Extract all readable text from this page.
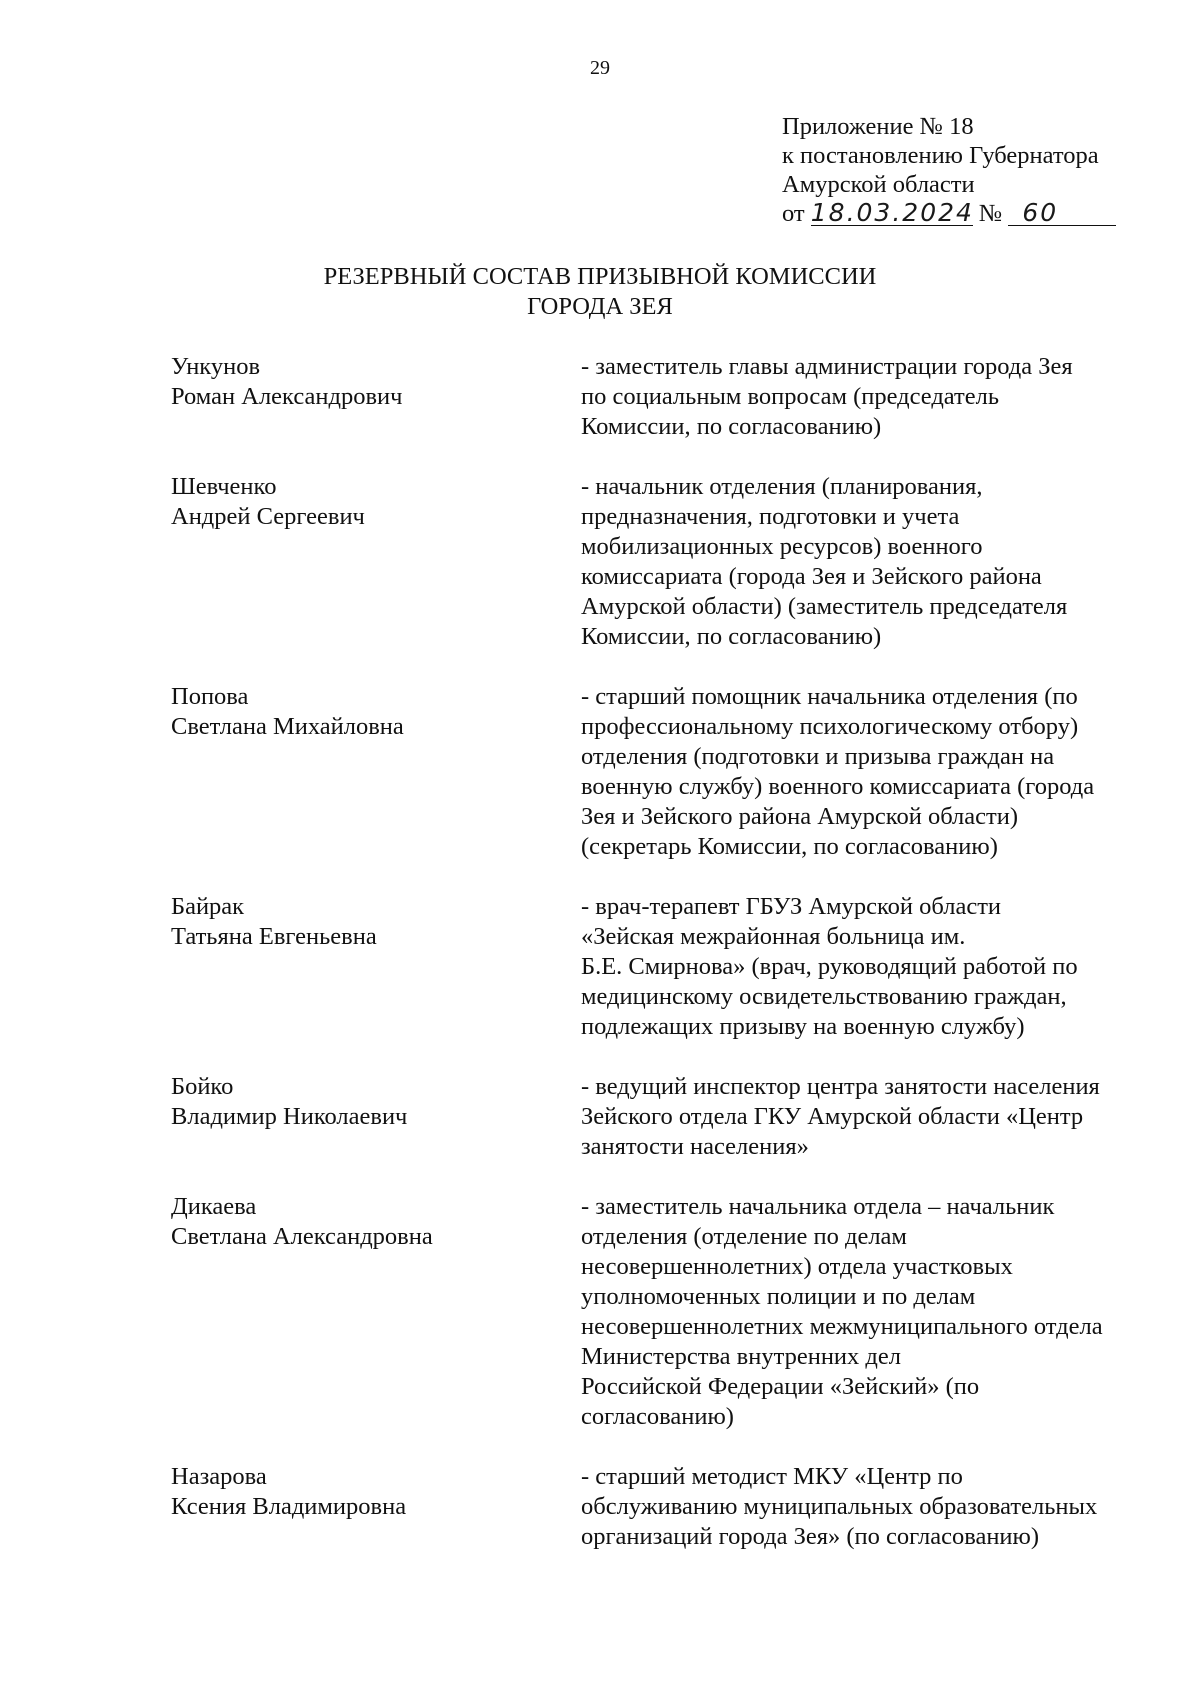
29
Приложение № 18
к постановлению Губернатора
Амурской области
от 18.03.2024 № 60
РЕЗЕРВНЫЙ СОСТАВ ПРИЗЫВНОЙ КОМИССИИ
ГОРОДА ЗЕЯ
Ункунов
Роман Александрович
- заместитель главы администрации города Зея
по социальным вопросам (председатель
Комиссии, по согласованию)
Шевченко
Андрей Сергеевич
- начальник отделения (планирования,
предназначения, подготовки и учета
мобилизационных ресурсов) военного
комиссариата (города Зея и Зейского района
Амурской области) (заместитель председателя
Комиссии, по согласованию)
Попова
Светлана Михайловна
- старший помощник начальника отделения (по
профессиональному психологическому отбору)
отделения (подготовки и призыва граждан на
военную службу) военного комиссариата (города
Зея и Зейского района Амурской области)
(секретарь Комиссии, по согласованию)
Байрак
Татьяна Евгеньевна
- врач-терапевт ГБУЗ Амурской области
«Зейская межрайонная больница им.
Б.Е. Смирнова» (врач, руководящий работой по
медицинскому освидетельствованию граждан,
подлежащих призыву на военную службу)
Бойко
Владимир Николаевич
- ведущий инспектор центра занятости населения
Зейского отдела ГКУ Амурской области «Центр
занятости населения»
Дикаева
Светлана Александровна
- заместитель начальника отдела – начальник
отделения (отделение по делам
несовершеннолетних) отдела участковых
уполномоченных полиции и по делам
несовершеннолетних межмуниципального отдела
Министерства внутренних дел
Российской Федерации «Зейский» (по
согласованию)
Назарова
Ксения Владимировна
- старший методист МКУ «Центр по
обслуживанию муниципальных образовательных
организаций города Зея» (по согласованию)
